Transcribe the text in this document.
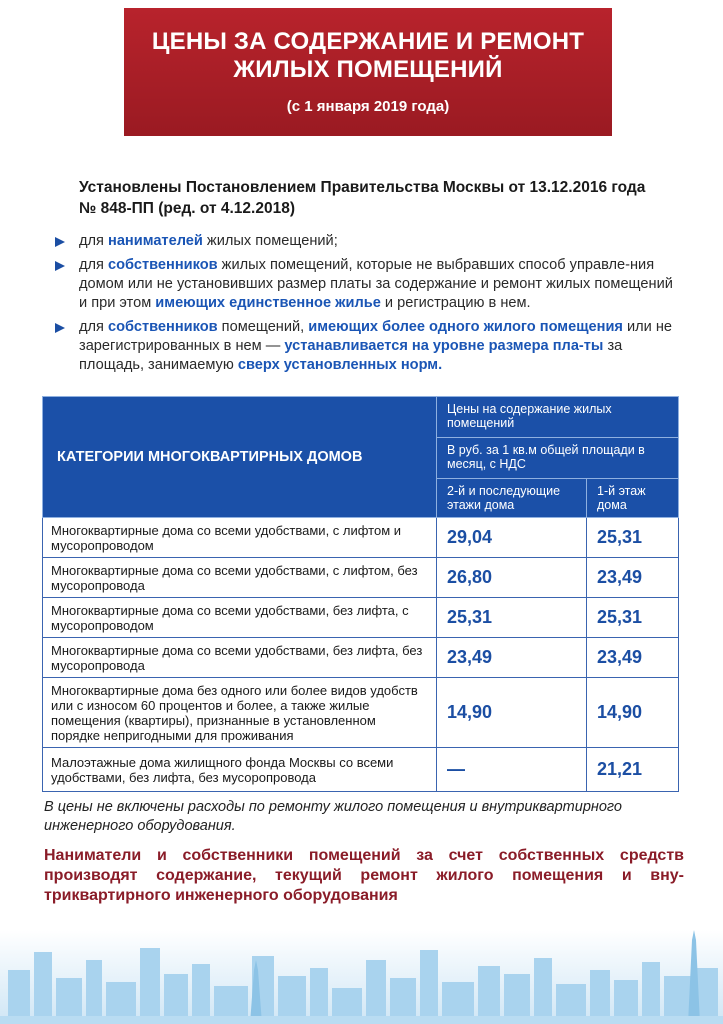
ЦЕНЫ ЗА СОДЕРЖАНИЕ И РЕМОНТ
ЖИЛЫХ ПОМЕЩЕНИЙ
(с 1 января 2019 года)
Установлены Постановлением Правительства Москвы от 13.12.2016 года
№ 848-ПП (ред. от 4.12.2018)
для нанимателей жилых помещений;
для собственников жилых помещений, которые не выбравших способ управле-ния домом или не установивших размер платы за содержание и ремонт жилых помещений и при этом имеющих единственное жилье и регистрацию в нем.
для собственников помещений, имеющих более одного жилого помещения или не зарегистрированных в нем — устанавливается на уровне размера пла-ты за площадь, занимаемую сверх установленных норм.
КАТЕГОРИИ МНОГОКВАРТИРНЫХ ДОМОВ	Цены на содержание жилых помещений	
	В руб. за 1 кв.м общей площади в месяц, с НДС	
	2-й и последующие этажи дома	1-й этаж дома
Многоквартирные дома со всеми удобствами, с лифтом и мусоропроводом	29,04	25,31
Многоквартирные дома со всеми удобствами, с лифтом, без мусоропровода	26,80	23,49
Многоквартирные дома со всеми удобствами, без лифта, с мусоропроводом	25,31	25,31
Многоквартирные дома со всеми удобствами, без лифта, без мусоропровода	23,49	23,49
Многоквартирные дома без одного или более видов удобств или с износом 60 процентов и более, а также жилые помещения (квартиры), признанные в установленном порядке непригодными для проживания	14,90	14,90
Малоэтажные дома жилищного фонда Москвы со всеми удобствами, без лифта, без мусоропровода	—	21,21
В цены не включены расходы по ремонту жилого помещения и внутриквартирного инженерного оборудования.
Наниматели и собственники помещений за счет собственных средств производят содержание, текущий ремонт жилого помещения и вну-триквартирного инженерного оборудования
